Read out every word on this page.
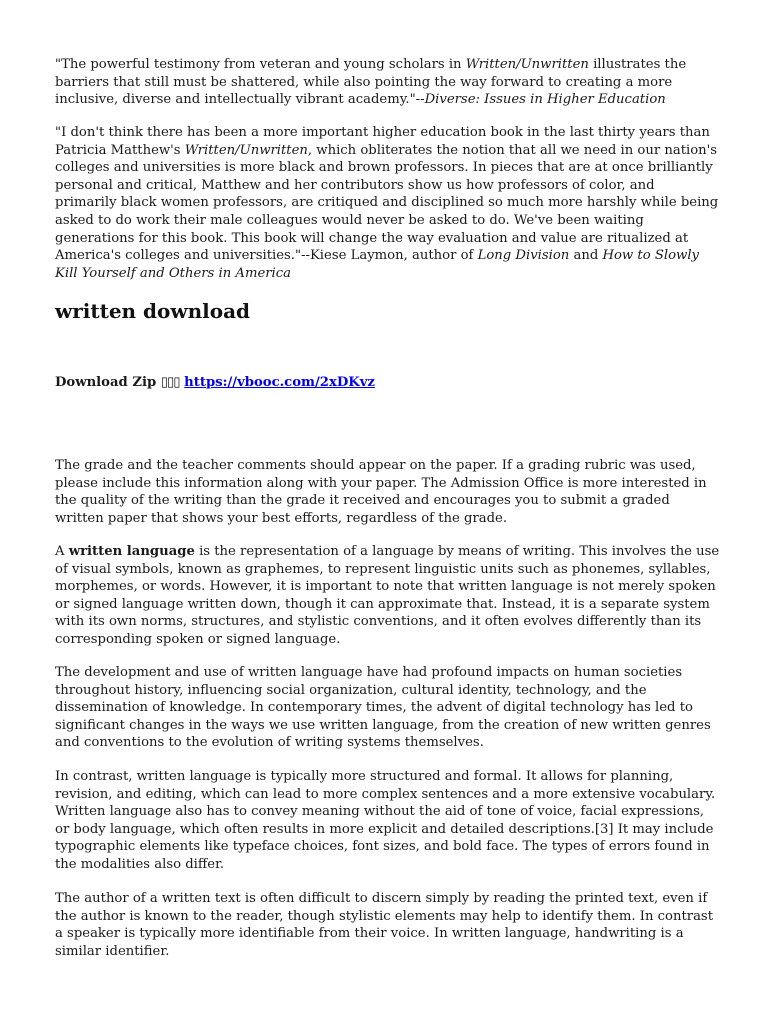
"The powerful testimony from veteran and young scholars in Written/Unwritten illustrates the barriers that still must be shattered, while also pointing the way forward to creating a more inclusive, diverse and intellectually vibrant academy."--Diverse: Issues in Higher Education

"I don't think there has been a more important higher education book in the last thirty years than Patricia Matthew's Written/Unwritten, which obliterates the notion that all we need in our nation's colleges and universities is more black and brown professors. In pieces that are at once brilliantly personal and critical, Matthew and her contributors show us how professors of color, and primarily black women professors, are critiqued and disciplined so much more harshly while being asked to do work their male colleagues would never be asked to do. We've been waiting generations for this book. This book will change the way evaluation and value are ritualized at America's colleges and universities."--Kiese Laymon, author of Long Division and How to Slowly Kill Yourself and Others in America

written download

Download Zip ▯▯▯ https://vbooc.com/2xDKvz

The grade and the teacher comments should appear on the paper. If a grading rubric was used, please include this information along with your paper. The Admission Office is more interested in the quality of the writing than the grade it received and encourages you to submit a graded written paper that shows your best efforts, regardless of the grade.

A written language is the representation of a language by means of writing. This involves the use of visual symbols, known as graphemes, to represent linguistic units such as phonemes, syllables, morphemes, or words. However, it is important to note that written language is not merely spoken or signed language written down, though it can approximate that. Instead, it is a separate system with its own norms, structures, and stylistic conventions, and it often evolves differently than its corresponding spoken or signed language.

The development and use of written language have had profound impacts on human societies throughout history, influencing social organization, cultural identity, technology, and the dissemination of knowledge. In contemporary times, the advent of digital technology has led to significant changes in the ways we use written language, from the creation of new written genres and conventions to the evolution of writing systems themselves.

In contrast, written language is typically more structured and formal. It allows for planning, revision, and editing, which can lead to more complex sentences and a more extensive vocabulary. Written language also has to convey meaning without the aid of tone of voice, facial expressions, or body language, which often results in more explicit and detailed descriptions.[3] It may include typographic elements like typeface choices, font sizes, and bold face. The types of errors found in the modalities also differ.

The author of a written text is often difficult to discern simply by reading the printed text, even if the author is known to the reader, though stylistic elements may help to identify them. In contrast a speaker is typically more identifiable from their voice. In written language, handwriting is a similar identifier.
